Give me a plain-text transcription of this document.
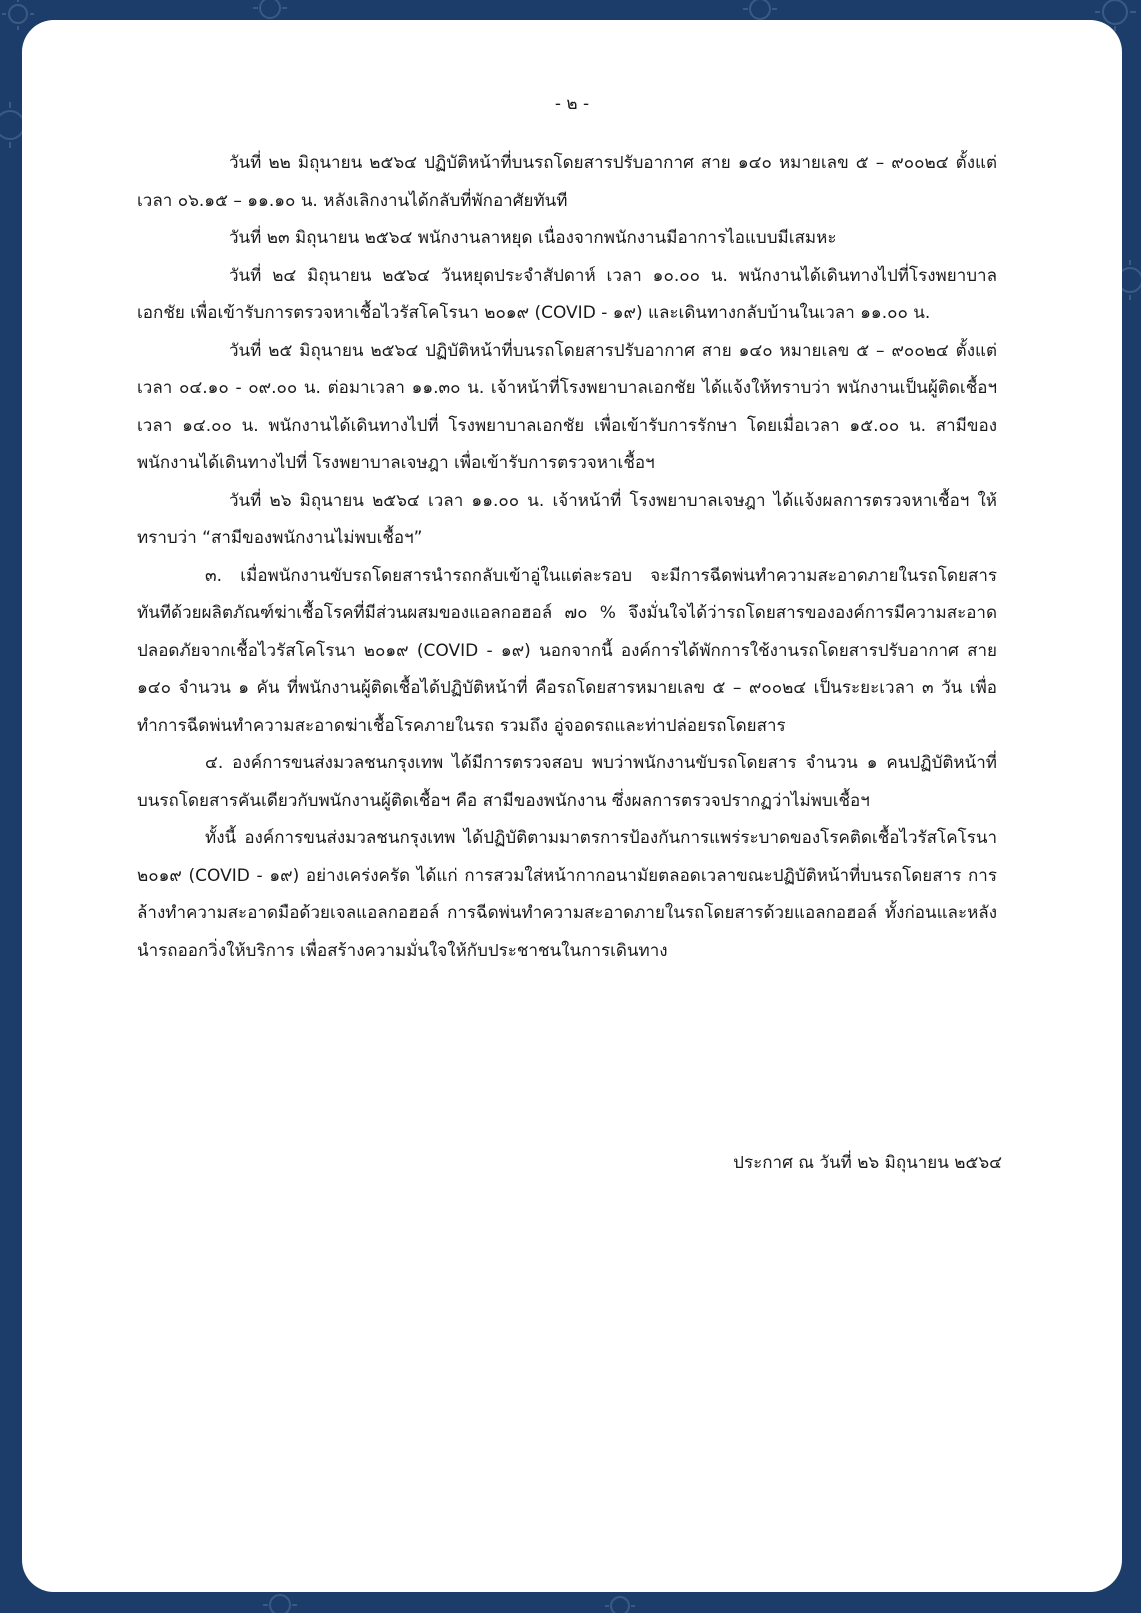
- ๒ -

วันที่ ๒๒ มิถุนายน ๒๕๖๔ ปฏิบัติหน้าที่บนรถโดยสารปรับอากาศ สาย ๑๔๐ หมายเลข ๕ – ๙๐๐๒๔ ตั้งแต่เวลา ๐๖.๑๕ – ๑๑.๑๐ น. หลังเลิกงานได้กลับที่พักอาศัยทันที

วันที่ ๒๓ มิถุนายน ๒๕๖๔ พนักงานลาหยุด เนื่องจากพนักงานมีอาการไอแบบมีเสมหะ

วันที่ ๒๔ มิถุนายน ๒๕๖๔ วันหยุดประจำสัปดาห์ เวลา ๑๐.๐๐ น. พนักงานได้เดินทางไปที่โรงพยาบาลเอกชัย เพื่อเข้ารับการตรวจหาเชื้อไวรัสโคโรนา ๒๐๑๙ (COVID - ๑๙) และเดินทางกลับบ้านในเวลา ๑๑.๐๐ น.

วันที่ ๒๕ มิถุนายน ๒๕๖๔ ปฏิบัติหน้าที่บนรถโดยสารปรับอากาศ สาย ๑๔๐ หมายเลข ๕ – ๙๐๐๒๔ ตั้งแต่เวลา ๐๔.๑๐ - ๐๙.๐๐ น. ต่อมาเวลา ๑๑.๓๐ น. เจ้าหน้าที่โรงพยาบาลเอกชัย ได้แจ้งให้ทราบว่า พนักงานเป็นผู้ติดเชื้อฯ เวลา ๑๔.๐๐ น. พนักงานได้เดินทางไปที่ โรงพยาบาลเอกชัย เพื่อเข้ารับการรักษา โดยเมื่อเวลา ๑๕.๐๐ น. สามีของพนักงานได้เดินทางไปที่ โรงพยาบาลเจษฎา เพื่อเข้ารับการตรวจหาเชื้อฯ

วันที่ ๒๖ มิถุนายน ๒๕๖๔ เวลา ๑๑.๐๐ น. เจ้าหน้าที่ โรงพยาบาลเจษฎา ได้แจ้งผลการตรวจหาเชื้อฯ ให้ทราบว่า “สามีของพนักงานไม่พบเชื้อฯ”

๓. เมื่อพนักงานขับรถโดยสารนำรถกลับเข้าอู่ในแต่ละรอบ จะมีการฉีดพ่นทำความสะอาดภายในรถโดยสารทันทีด้วยผลิตภัณฑ์ฆ่าเชื้อโรคที่มีส่วนผสมของแอลกอฮอล์ ๗๐ % จึงมั่นใจได้ว่ารถโดยสารขององค์การมีความสะอาด ปลอดภัยจากเชื้อไวรัสโคโรนา ๒๐๑๙ (COVID - ๑๙) นอกจากนี้ องค์การได้พักการใช้งานรถโดยสารปรับอากาศ สาย ๑๔๐ จำนวน ๑ คัน ที่พนักงานผู้ติดเชื้อได้ปฏิบัติหน้าที่ คือรถโดยสารหมายเลข ๕ – ๙๐๐๒๔ เป็นระยะเวลา ๓ วัน เพื่อทำการฉีดพ่นทำความสะอาดฆ่าเชื้อโรคภายในรถ รวมถึง อู่จอดรถและท่าปล่อยรถโดยสาร

๔. องค์การขนส่งมวลชนกรุงเทพ ได้มีการตรวจสอบ พบว่าพนักงานขับรถโดยสาร จำนวน ๑ คนปฏิบัติหน้าที่บนรถโดยสารคันเดียวกับพนักงานผู้ติดเชื้อฯ คือ สามีของพนักงาน ซึ่งผลการตรวจปรากฏว่าไม่พบเชื้อฯ

ทั้งนี้ องค์การขนส่งมวลชนกรุงเทพ ได้ปฏิบัติตามมาตรการป้องกันการแพร่ระบาดของโรคติดเชื้อไวรัสโคโรนา ๒๐๑๙ (COVID - ๑๙) อย่างเคร่งครัด ได้แก่ การสวมใส่หน้ากากอนามัยตลอดเวลาขณะปฏิบัติหน้าที่บนรถโดยสาร การล้างทำความสะอาดมือด้วยเจลแอลกอฮอล์ การฉีดพ่นทำความสะอาดภายในรถโดยสารด้วยแอลกอฮอล์ ทั้งก่อนและหลังนำรถออกวิ่งให้บริการ เพื่อสร้างความมั่นใจให้กับประชาชนในการเดินทาง

ประกาศ ณ วันที่ ๒๖ มิถุนายน ๒๕๖๔
